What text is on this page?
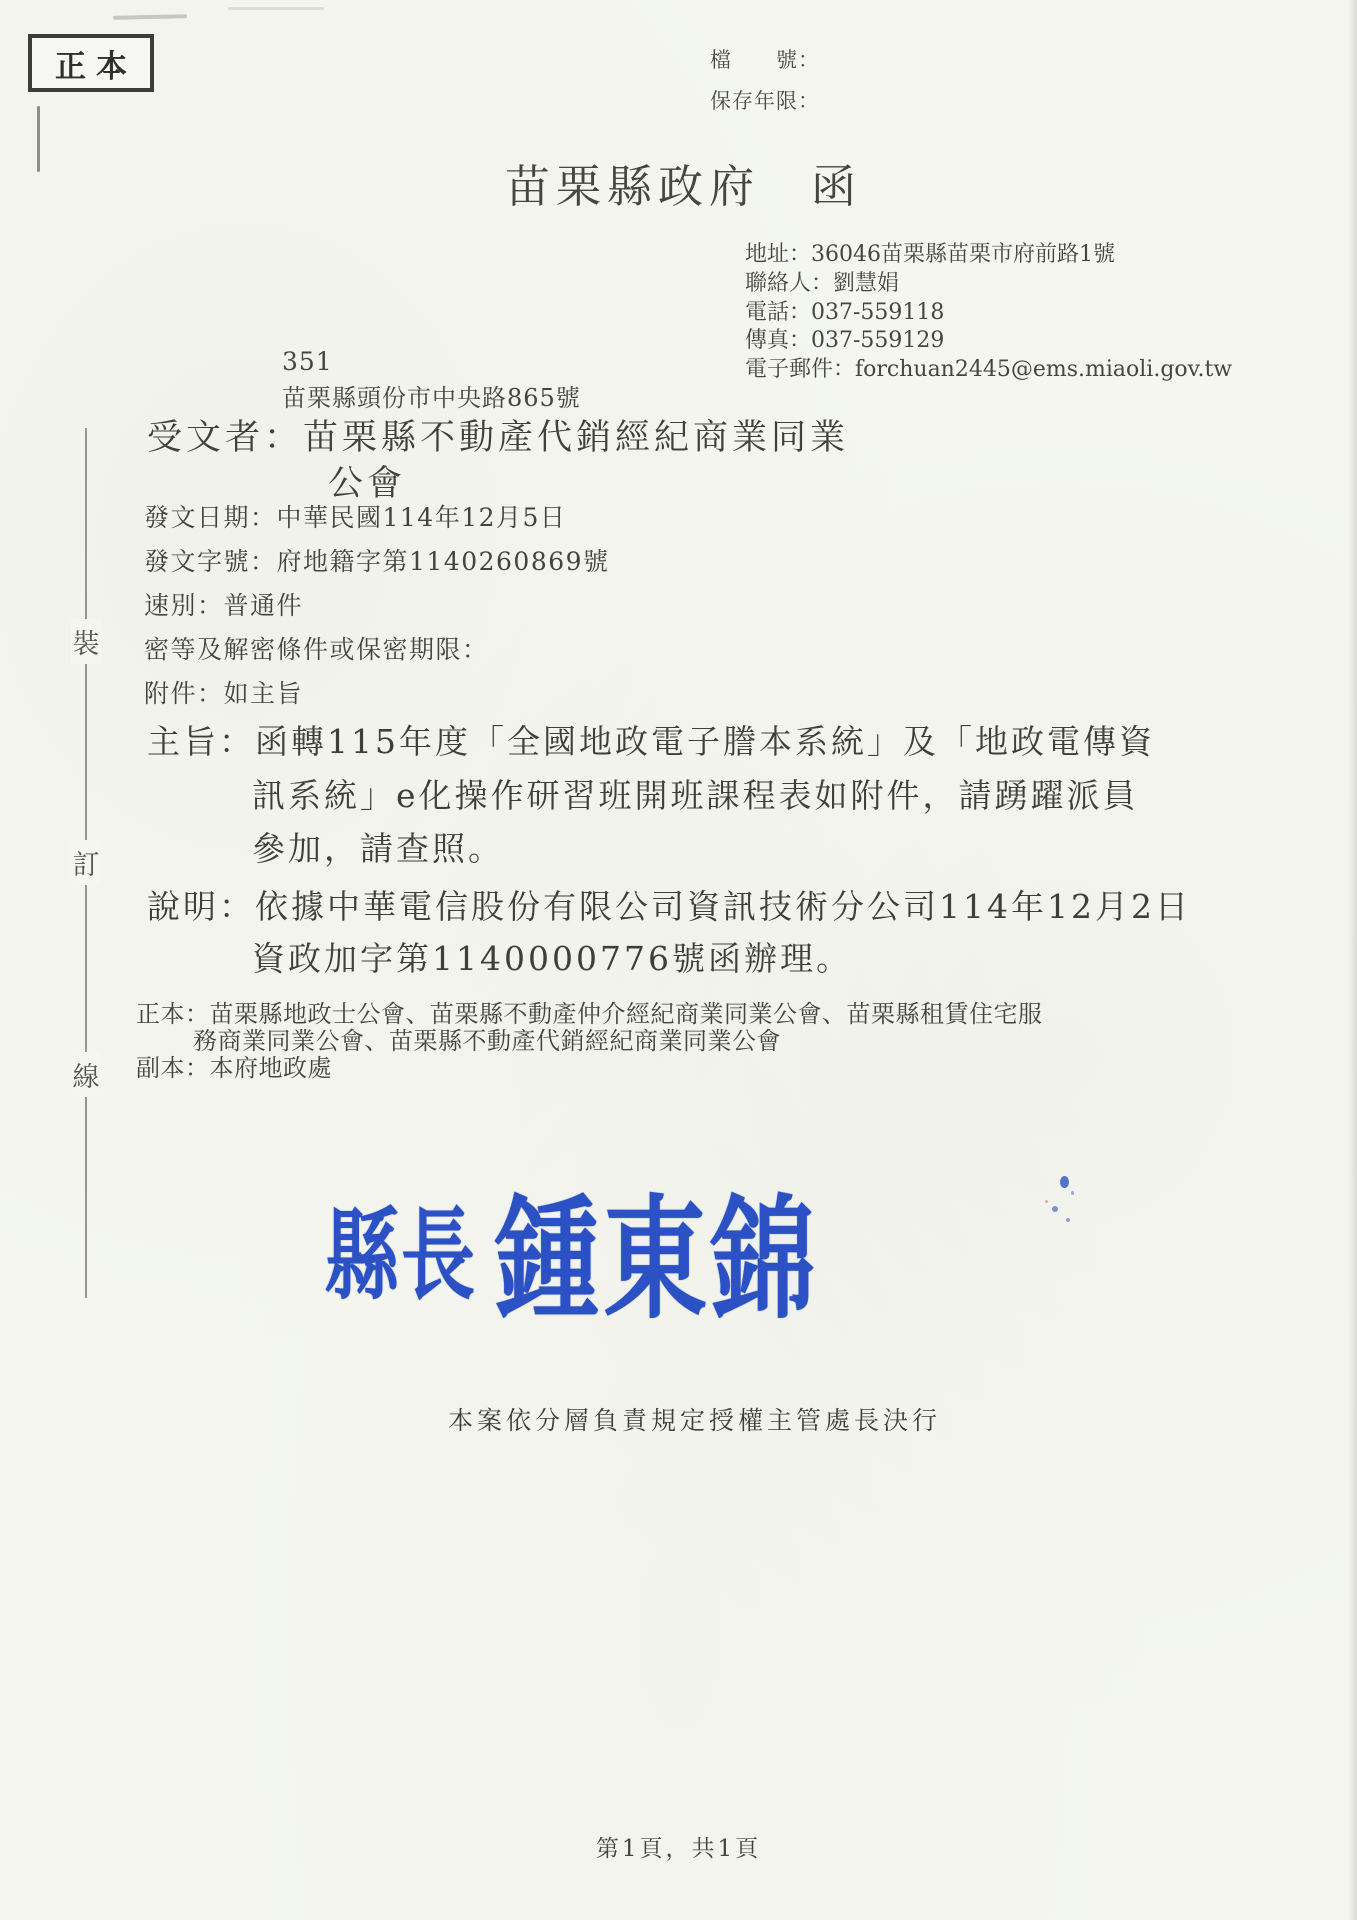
正本	檔　　號：
保存年限：
苗栗縣政府　函
地址：36046苗栗縣苗栗市府前路1號
聯絡人：劉慧娟
電話：037-559118
傳真：037-559129
電子郵件：forchuan2445@ems.miaoli.gov.tw
351
苗栗縣頭份市中央路865號
受文者：苗栗縣不動產代銷經紀商業同業
公會
發文日期：中華民國114年12月5日
發文字號：府地籍字第1140260869號
速別：普通件
密等及解密條件或保密期限：
附件：如主旨
主旨：函轉115年度「全國地政電子謄本系統」及「地政電傳資
訊系統」e化操作研習班開班課程表如附件，請踴躍派員
參加，請查照。
說明：依據中華電信股份有限公司資訊技術分公司114年12月2日
資政加字第1140000776號函辦理。
正本：苗栗縣地政士公會、苗栗縣不動產仲介經紀商業同業公會、苗栗縣租賃住宅服
務商業同業公會、苗栗縣不動產代銷經紀商業同業公會
副本：本府地政處
縣長 鍾東錦
本案依分層負責規定授權主管處長決行
裝
訂
線
第1頁，共1頁
